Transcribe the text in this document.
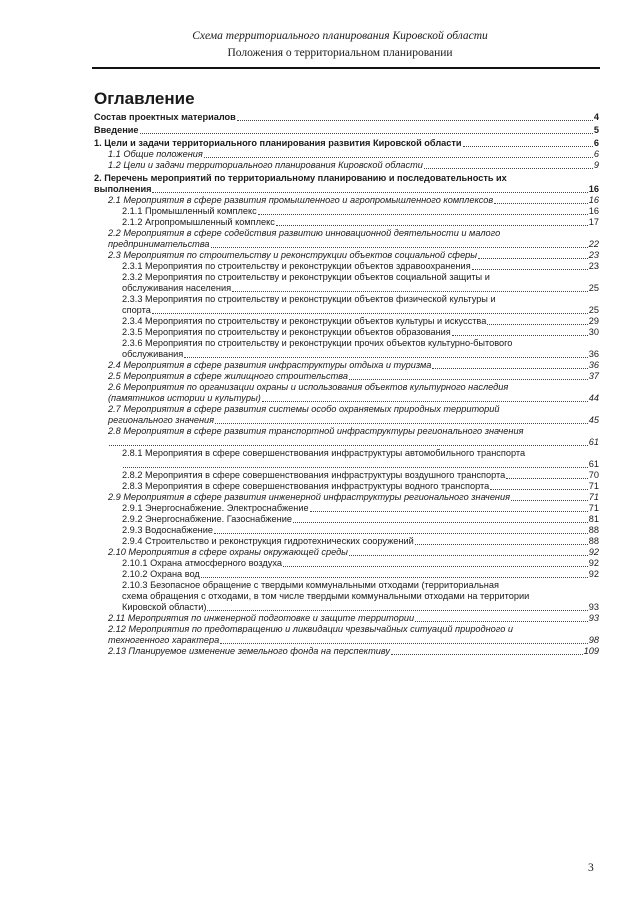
Схема территориального планирования Кировской области
Положения о территориальном планировании
Оглавление
Состав проектных материалов	4
Введение	5
1. Цели и задачи территориального планирования развития Кировской области	6
1.1 Общие положения	6
1.2 Цели и задачи территориального планирования Кировской области	9
2. Перечень мероприятий по территориальному планированию и последовательность их
выполнения	16
2.1 Мероприятия в сфере развития промышленного и агропромышленного комплексов	16
2.1.1 Промышленный комплекс	16
2.1.2 Агропромышленный комплекс	17
2.2 Мероприятия в сфере содействия развитию инновационной деятельности и малого
предпринимательства	22
2.3 Мероприятия по строительству и реконструкции объектов социальной сферы	23
2.3.1 Мероприятия по строительству и реконструкции объектов здравоохранения	23
2.3.2 Мероприятия по строительству и реконструкции объектов социальной защиты и
обслуживания населения	25
2.3.3 Мероприятия по строительству и реконструкции объектов физической культуры и
спорта	25
2.3.4 Мероприятия по строительству и реконструкции объектов культуры и искусства	29
2.3.5 Мероприятия по строительству и реконструкции объектов образования	30
2.3.6 Мероприятия по строительству и реконструкции прочих объектов культурно-бытового
обслуживания	36
2.4 Мероприятия в сфере развития инфраструктуры отдыха и туризма	36
2.5 Мероприятия в сфере жилищного строительства	37
2.6 Мероприятия по организации охраны и использования объектов культурного наследия
(памятников истории и культуры)	44
2.7 Мероприятия в сфере развития системы особо охраняемых природных территорий
регионального значения	45
2.8 Мероприятия в сфере развития транспортной инфраструктуры регионального значения
61
2.8.1 Мероприятия в сфере совершенствования инфраструктуры автомобильного транспорта
61
2.8.2 Мероприятия в сфере совершенствования инфраструктуры воздушного транспорта	70
2.8.3 Мероприятия в сфере совершенствования инфраструктуры водного транспорта	71
2.9 Мероприятия в сфере развития инженерной инфраструктуры регионального значения	71
2.9.1 Энергоснабжение. Электроснабжение	71
2.9.2 Энергоснабжение. Газоснабжение	81
2.9.3 Водоснабжение	88
2.9.4 Строительство и реконструкция гидротехнических сооружений	88
2.10 Мероприятия в сфере охраны окружающей среды	92
2.10.1 Охрана атмосферного воздуха	92
2.10.2 Охрана вод	92
2.10.3 Безопасное обращение с твердыми коммунальными отходами (территориальная
схема обращения с отходами, в том числе твердыми коммунальными отходами на территории
Кировской области)	93
2.11 Мероприятия по инженерной подготовке и защите территории	93
2.12 Мероприятия по предотвращению и ликвидации чрезвычайных ситуаций природного и
техногенного характера	98
2.13 Планируемое изменение земельного фонда на перспективу	109
3
